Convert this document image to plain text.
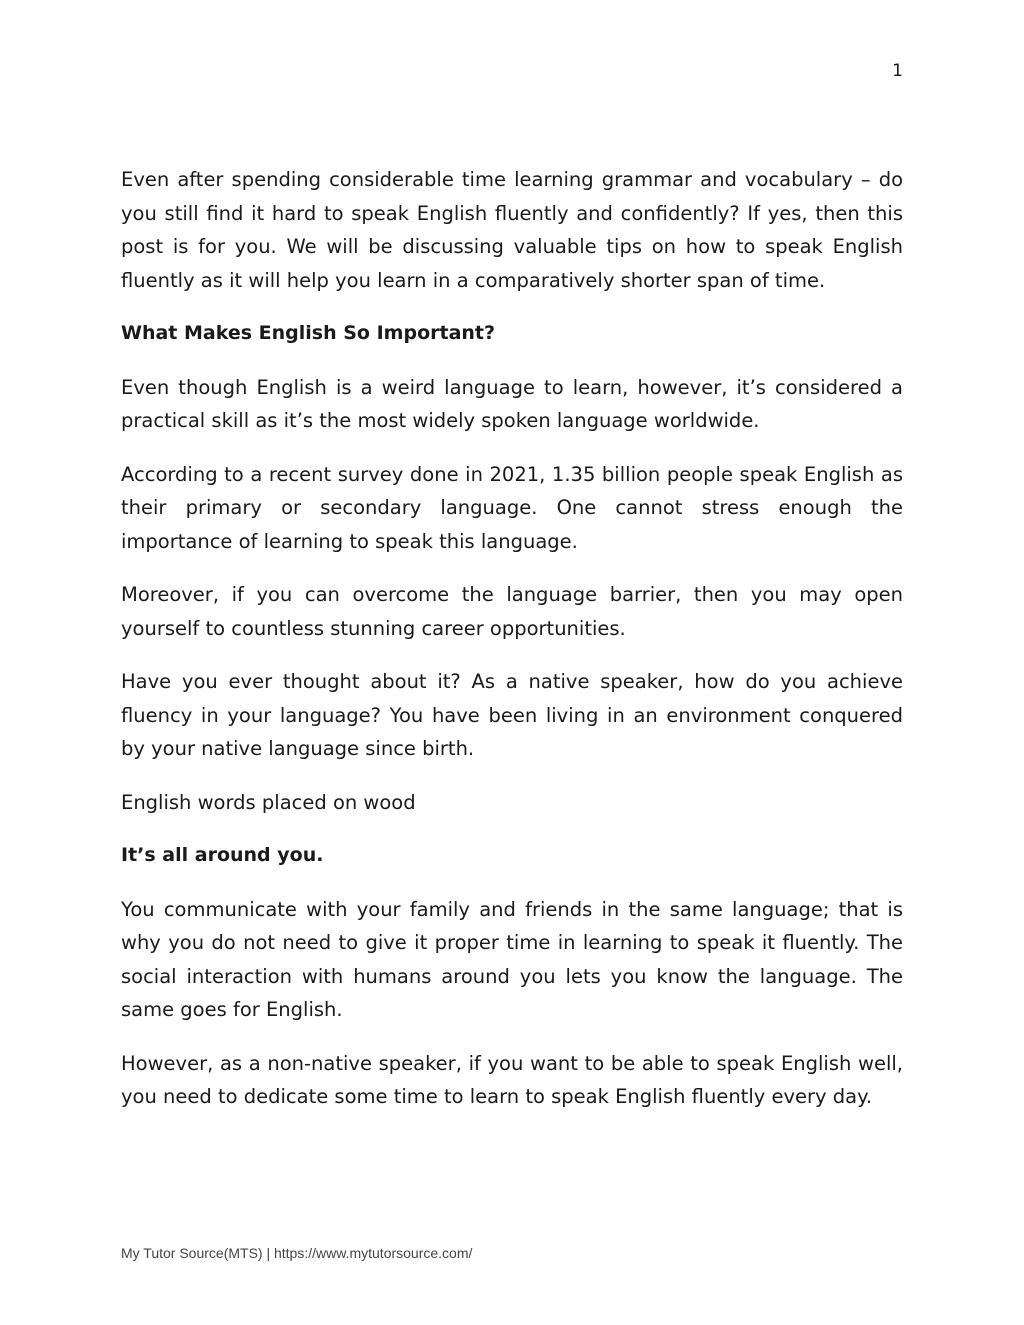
1

Even after spending considerable time learning grammar and vocabulary – do you still find it hard to speak English fluently and confidently? If yes, then this post is for you. We will be discussing valuable tips on how to speak English fluently as it will help you learn in a comparatively shorter span of time.

What Makes English So Important?

Even though English is a weird language to learn, however, it’s considered a practical skill as it’s the most widely spoken language worldwide.

According to a recent survey done in 2021, 1.35 billion people speak English as their primary or secondary language. One cannot stress enough the importance of learning to speak this language.

Moreover, if you can overcome the language barrier, then you may open yourself to countless stunning career opportunities.

Have you ever thought about it? As a native speaker, how do you achieve fluency in your language? You have been living in an environment conquered by your native language since birth.

English words placed on wood

It’s all around you.

You communicate with your family and friends in the same language; that is why you do not need to give it proper time in learning to speak it fluently. The social interaction with humans around you lets you know the language. The same goes for English.

However, as a non-native speaker, if you want to be able to speak English well, you need to dedicate some time to learn to speak English fluently every day.

My Tutor Source(MTS) | https://www.mytutorsource.com/
